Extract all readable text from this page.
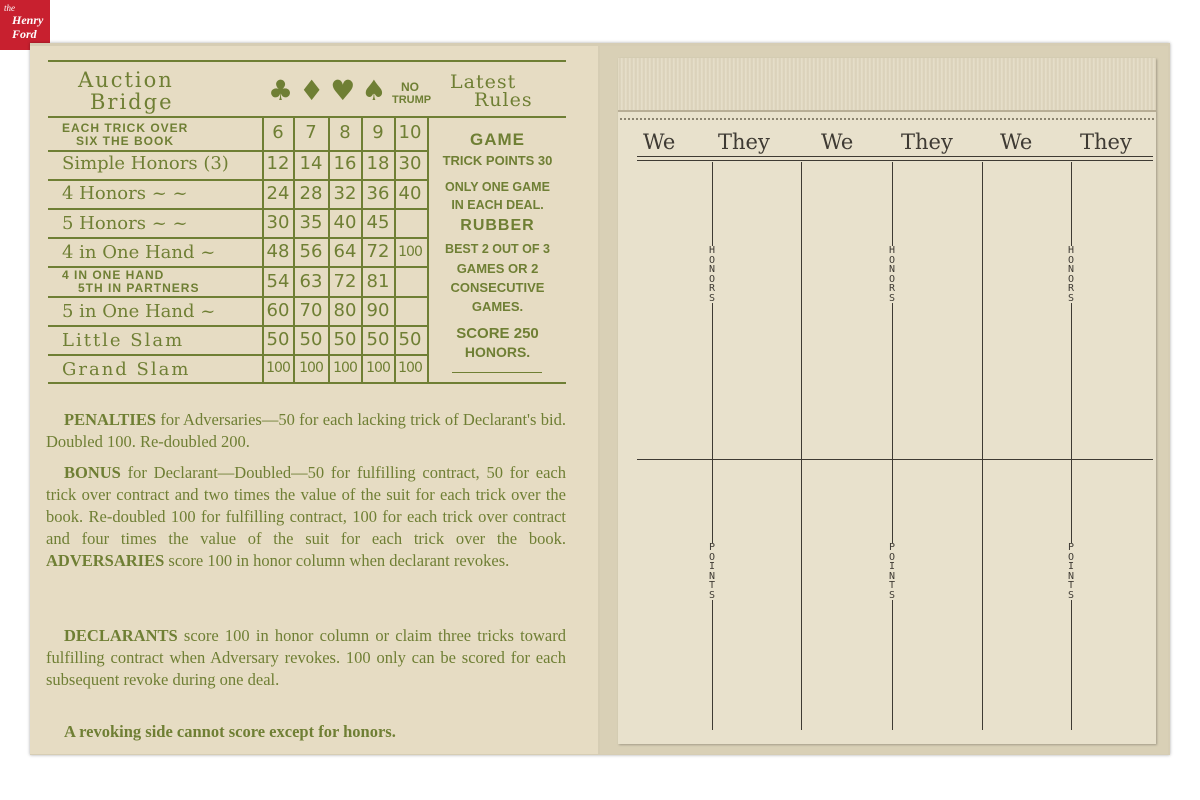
the
Henry
Ford
Auction
Bridge	♣♦♥♠ NO
TRUMP
Latest
Rules
EACH TRICK OVER
SIX THE BOOK	6	7	8	9 10
Simple Honors (3) 12 14 16 18 30
4 Honors ~ ~	24 28 32 36 40
5 Honors ~ ~	30 35 40 45
4 in One Hand ~	48 56 64 72 100
4 IN ONE HAND
5TH IN PARTNERS	54 63 72 81
5 in One Hand ~	60 70 80 90
Little Slam	50 50 50 50 50
Grand Slam	100 100 100 100 100
GAME
TRICK POINTS 30
ONLY ONE GAME
IN EACH DEAL.
RUBBER
BEST 2 OUT OF 3
GAMES OR 2
CONSECUTIVE
GAMES.
SCORE 250
HONORS.
PENALTIES for Adversaries—50 for each lacking trick of Declarant's bid. Doubled 100. Re-doubled 200.
BONUS for Declarant—Doubled—50 for fulfilling contract, 50 for each trick over contract and two times the value of the suit for each trick over the book. Re-doubled 100 for fulfilling contract, 100 for each trick over contract and four times the value of the suit for each trick over the book. ADVERSARIES score 100 in honor column when declarant revokes.
DECLARANTS score 100 in honor column or claim three tricks toward fulfilling contract when Adversary revokes. 100 only can be scored for each subsequent revoke during one deal.
A revoking side cannot score except for honors.
We They We They We They
HONORS
HONORS
HONORS
POINTS
POINTS
POINTS
